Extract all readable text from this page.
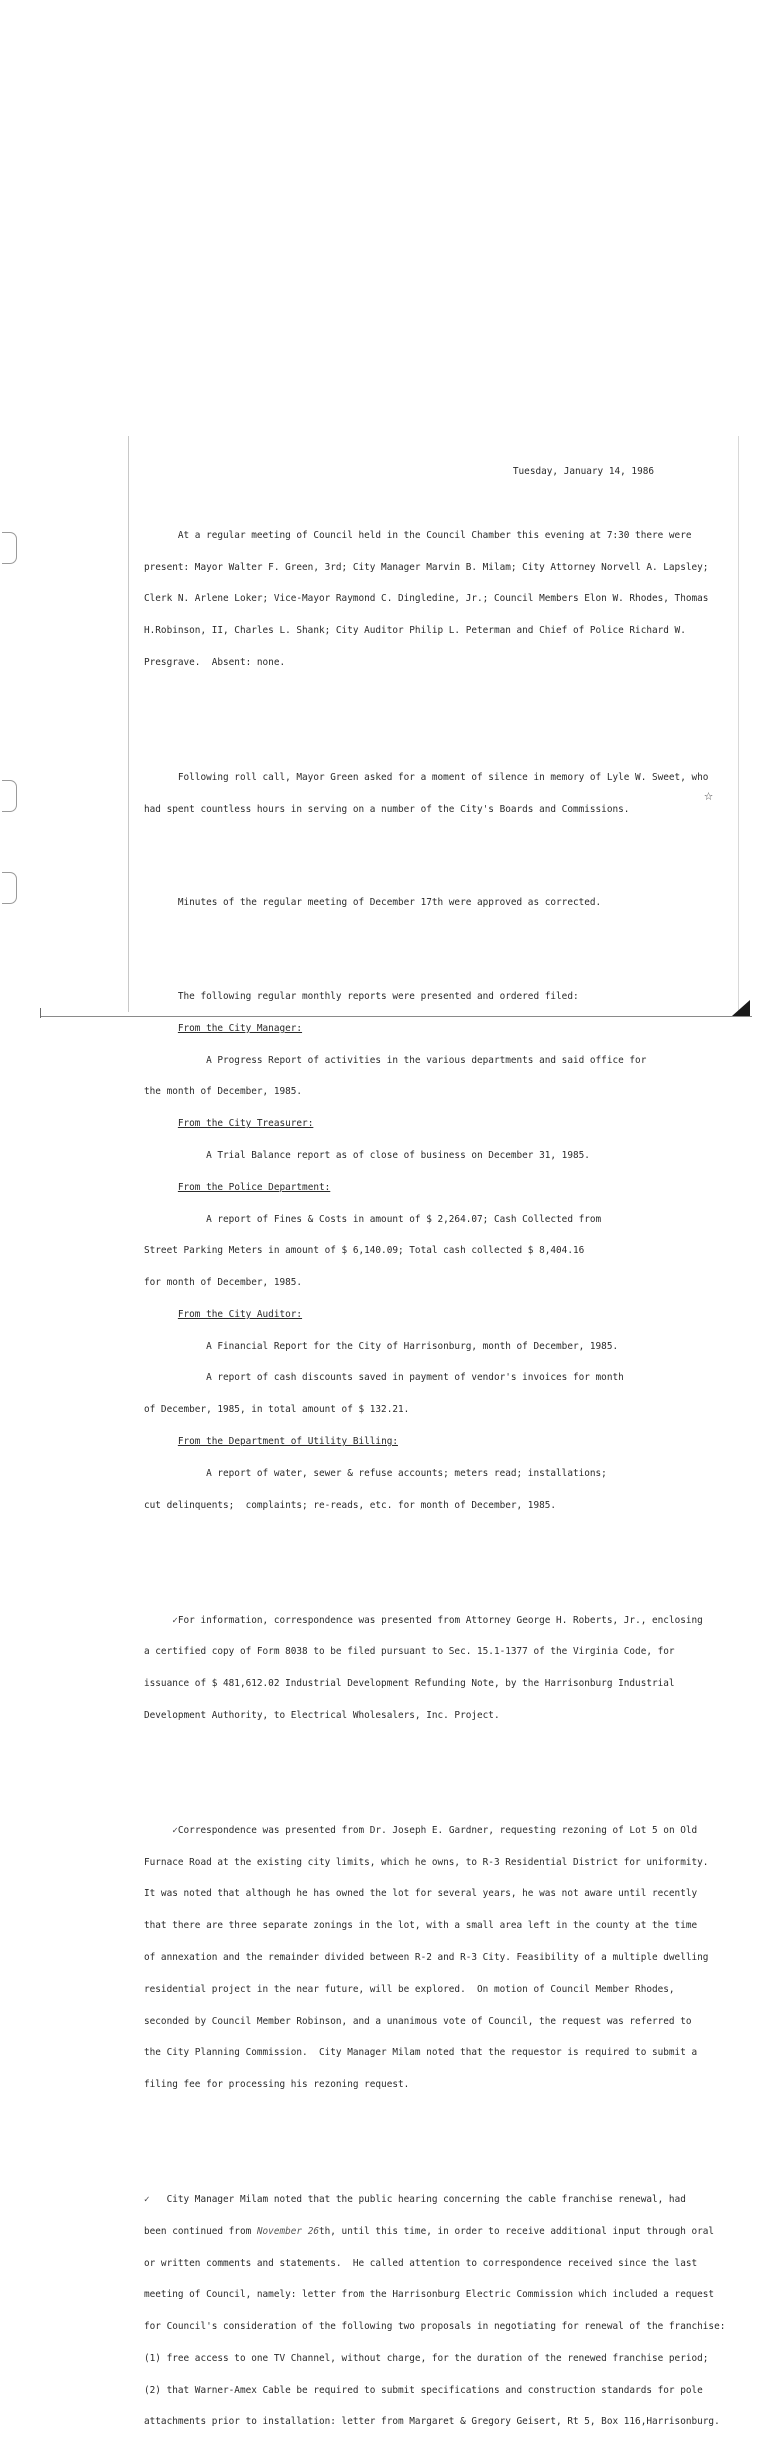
☆

Tuesday, January 14, 1986

At a regular meeting of Council held in the Council Chamber this evening at 7:30 there were

present: Mayor Walter F. Green, 3rd; City Manager Marvin B. Milam; City Attorney Norvell A. Lapsley;

Clerk N. Arlene Loker; Vice-Mayor Raymond C. Dingledine, Jr.; Council Members Elon W. Rhodes, Thomas

H.Robinson, II, Charles L. Shank; City Auditor Philip L. Peterman and Chief of Police Richard W.

Presgrave.  Absent: none.

Following roll call, Mayor Green asked for a moment of silence in memory of Lyle W. Sweet, who

had spent countless hours in serving on a number of the City's Boards and Commissions.

Minutes of the regular meeting of December 17th were approved as corrected.

The following regular monthly reports were presented and ordered filed:

From the City Manager:

A Progress Report of activities in the various departments and said office for

the month of December, 1985.

From the City Treasurer:

A Trial Balance report as of close of business on December 31, 1985.

From the Police Department:

A report of Fines & Costs in amount of $ 2,264.07; Cash Collected from

Street Parking Meters in amount of $ 6,140.09; Total cash collected $ 8,404.16

for month of December, 1985.

From the City Auditor:

A Financial Report for the City of Harrisonburg, month of December, 1985.

A report of cash discounts saved in payment of vendor's invoices for month

of December, 1985, in total amount of $ 132.21.

From the Department of Utility Billing:

A report of water, sewer & refuse accounts; meters read; installations;

cut delinquents;  complaints; re-reads, etc. for month of December, 1985.

✓For information, correspondence was presented from Attorney George H. Roberts, Jr., enclosing

a certified copy of Form 8038 to be filed pursuant to Sec. 15.1-1377 of the Virginia Code, for

issuance of $ 481,612.02 Industrial Development Refunding Note, by the Harrisonburg Industrial

Development Authority, to Electrical Wholesalers, Inc. Project.

✓Correspondence was presented from Dr. Joseph E. Gardner, requesting rezoning of Lot 5 on Old

Furnace Road at the existing city limits, which he owns, to R-3 Residential District for uniformity.

It was noted that although he has owned the lot for several years, he was not aware until recently

that there are three separate zonings in the lot, with a small area left in the county at the time

of annexation and the remainder divided between R-2 and R-3 City. Feasibility of a multiple dwelling

residential project in the near future, will be explored.  On motion of Council Member Rhodes,

seconded by Council Member Robinson, and a unanimous vote of Council, the request was referred to

the City Planning Commission.  City Manager Milam noted that the requestor is required to submit a

filing fee for processing his rezoning request.

✓   City Manager Milam noted that the public hearing concerning the cable franchise renewal, had

been continued from November 26th, until this time, in order to receive additional input through oral

or written comments and statements.  He called attention to correspondence received since the last

meeting of Council, namely: letter from the Harrisonburg Electric Commission which included a request

for Council's consideration of the following two proposals in negotiating for renewal of the franchise:

(1) free access to one TV Channel, without charge, for the duration of the renewed franchise period;

(2) that Warner-Amex Cable be required to submit specifications and construction standards for pole

attachments prior to installation: letter from Margaret & Gregory Geisert, Rt 5, Box 116,Harrisonburg.
